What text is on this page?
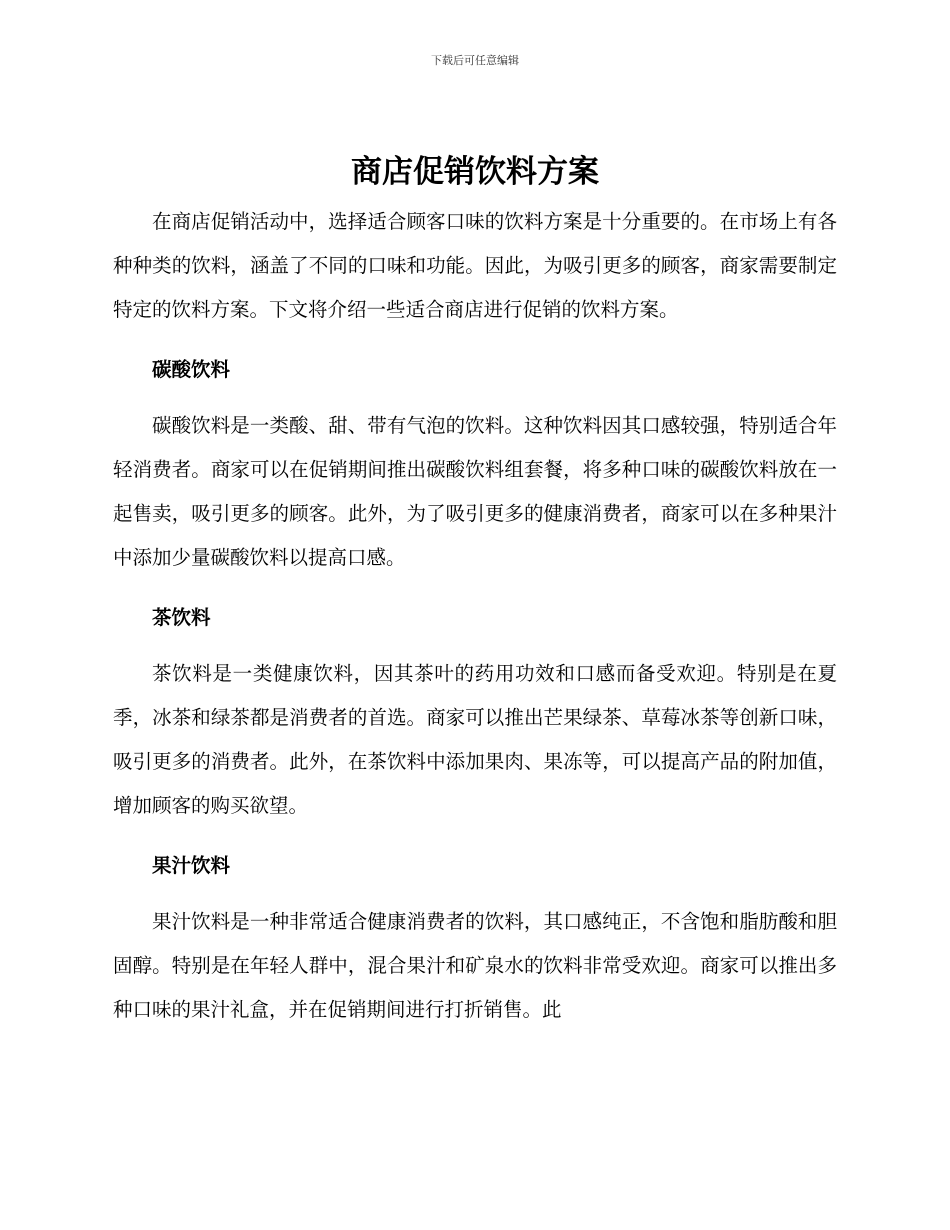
下载后可任意编辑
商店促销饮料方案

在商店促销活动中，选择适合顾客口味的饮料方案是十分重要的。在市场上有各种种类的饮料，涵盖了不同的口味和功能。因此，为吸引更多的顾客，商家需要制定特定的饮料方案。下文将介绍一些适合商店进行促销的饮料方案。

碳酸饮料

碳酸饮料是一类酸、甜、带有气泡的饮料。这种饮料因其口感较强，特别适合年轻消费者。商家可以在促销期间推出碳酸饮料组套餐，将多种口味的碳酸饮料放在一起售卖，吸引更多的顾客。此外，为了吸引更多的健康消费者，商家可以在多种果汁中添加少量碳酸饮料以提高口感。

茶饮料

茶饮料是一类健康饮料，因其茶叶的药用功效和口感而备受欢迎。特别是在夏季，冰茶和绿茶都是消费者的首选。商家可以推出芒果绿茶、草莓冰茶等创新口味，吸引更多的消费者。此外，在茶饮料中添加果肉、果冻等，可以提高产品的附加值，增加顾客的购买欲望。

果汁饮料

果汁饮料是一种非常适合健康消费者的饮料，其口感纯正，不含饱和脂肪酸和胆固醇。特别是在年轻人群中，混合果汁和矿泉水的饮料非常受欢迎。商家可以推出多种口味的果汁礼盒，并在促销期间进行打折销售。此
